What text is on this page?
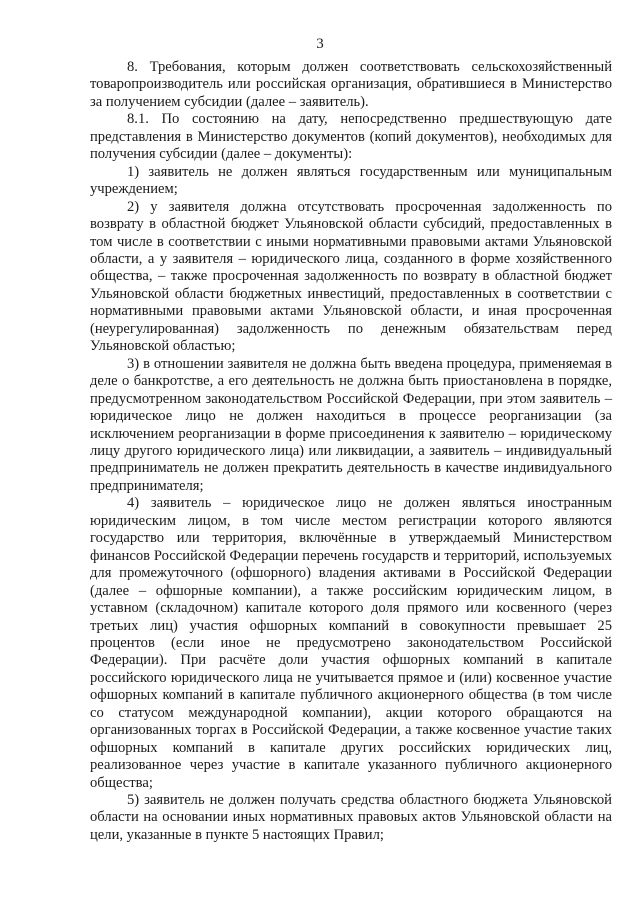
3

8. Требования, которым должен соответствовать сельскохозяйственный товаропроизводитель или российская организация, обратившиеся в Министерство за получением субсидии (далее – заявитель).

8.1. По состоянию на дату, непосредственно предшествующую дате представления в Министерство документов (копий документов), необходимых для получения субсидии (далее – документы):

1) заявитель не должен являться государственным или муниципальным учреждением;

2) у заявителя должна отсутствовать просроченная задолженность по возврату в областной бюджет Ульяновской области субсидий, предоставленных в том числе в соответствии с иными нормативными правовыми актами Ульяновской области, а у заявителя – юридического лица, созданного в форме хозяйственного общества, – также просроченная задолженность по возврату в областной бюджет Ульяновской области бюджетных инвестиций, предоставленных в соответствии с нормативными правовыми актами Ульяновской области, и иная просроченная (неурегулированная) задолженность по денежным обязательствам перед Ульяновской областью;

3) в отношении заявителя не должна быть введена процедура, применяемая в деле о банкротстве, а его деятельность не должна быть приостановлена в порядке, предусмотренном законодательством Российской Федерации, при этом заявитель – юридическое лицо не должен находиться в процессе реорганизации (за исключением реорганизации в форме присоединения к заявителю – юридическому лицу другого юридического лица) или ликвидации, а заявитель – индивидуальный предприниматель не должен прекратить деятельность в качестве индивидуального предпринимателя;

4) заявитель – юридическое лицо не должен являться иностранным юридическим лицом, в том числе местом регистрации которого являются государство или территория, включённые в утверждаемый Министерством финансов Российской Федерации перечень государств и территорий, используемых для промежуточного (офшорного) владения активами в Российской Федерации (далее – офшорные компании), а также российским юридическим лицом, в уставном (складочном) капитале которого доля прямого или косвенного (через третьих лиц) участия офшорных компаний в совокупности превышает 25 процентов (если иное не предусмотрено законодательством Российской Федерации). При расчёте доли участия офшорных компаний в капитале российского юридического лица не учитывается прямое и (или) косвенное участие офшорных компаний в капитале публичного акционерного общества (в том числе со статусом международной компании), акции которого обращаются на организованных торгах в Российской Федерации, а также косвенное участие таких офшорных компаний в капитале других российских юридических лиц, реализованное через участие в капитале указанного публичного акционерного общества;

5) заявитель не должен получать средства областного бюджета Ульяновской области на основании иных нормативных правовых актов Ульяновской области на цели, указанные в пункте 5 настоящих Правил;
